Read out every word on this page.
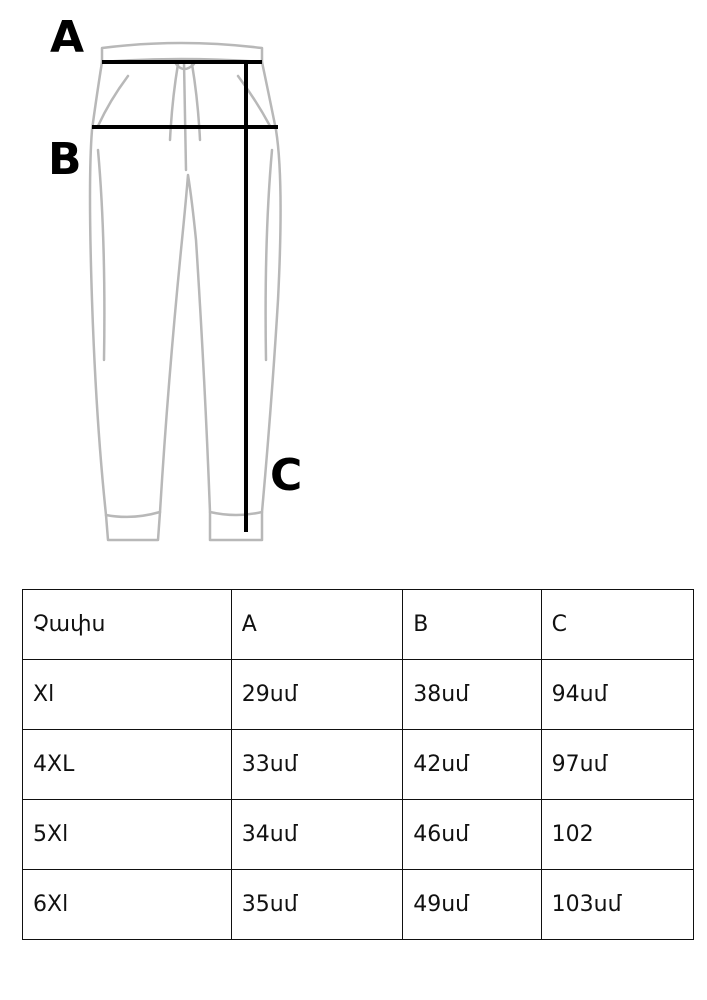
A
B
C
Չափս	A	B	C
Xl	29սմ	38սմ	94սմ
4XL	33սմ	42սմ	97սմ
5Xl	34սմ	46սմ	102
6Xl	35սմ	49սմ	103սմ
